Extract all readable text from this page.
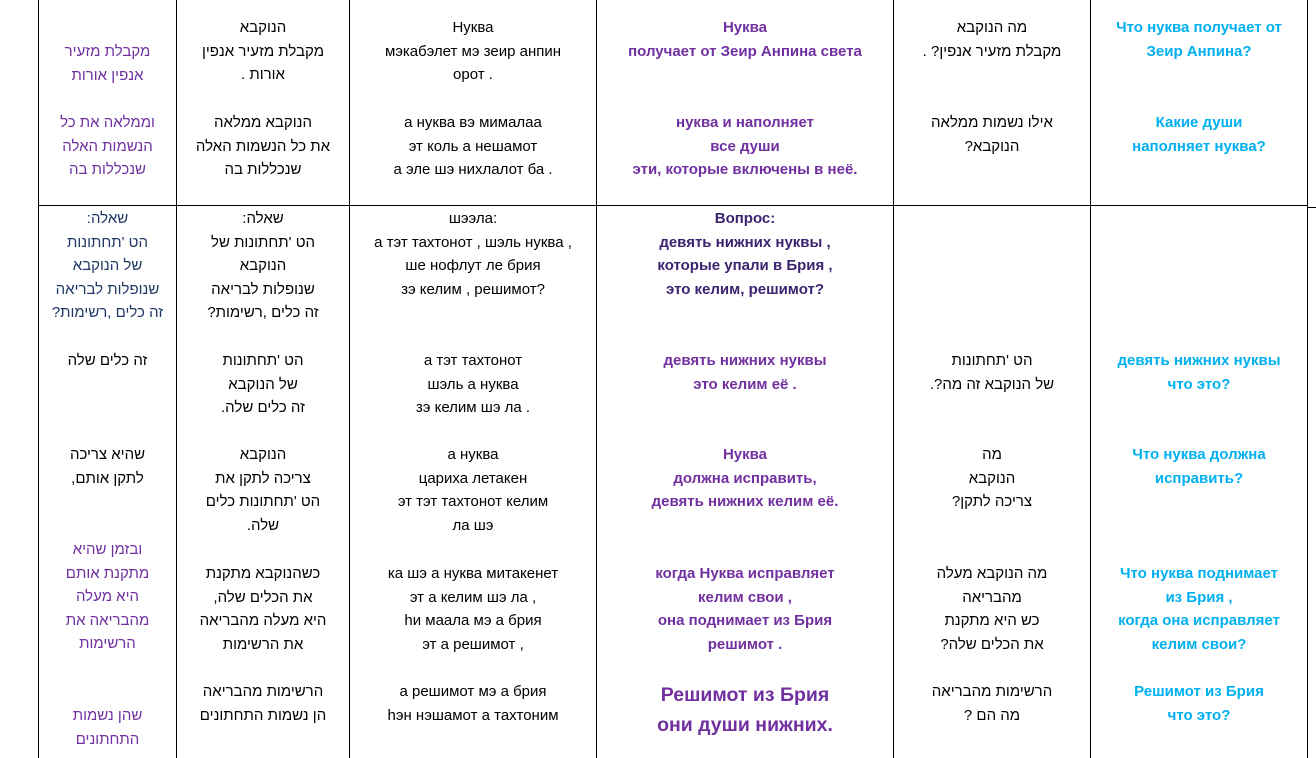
מקבלת מזעיר
אנפין אורות
וממלאה את כל
הנשמות האלה
שנכללות בה
הנוקבא
מקבלת מזעיר אנפין
אורות .
הנוקבא ממלאה
את כל הנשמות האלה
שנכללות בה
Нуква
мэкабэлет мэ зеир анпин
орот .
а нуква вэ мималаа
эт коль а нешамот
а эле шэ нихлалот ба .
Нуква
получает от Зеир Анпина света
нуква и наполняет
все души
эти, которые включены в неё.
מה הנוקבא
מקבלת מזעיר אנפין? .
אילו נשמות ממלאה
הנוקבא?
Что нуква получает от
Зеир Анпина?
Какие души
наполняет нуква?
שאלה:
הט 'תחתונות
של הנוקבא
שנופלות לבריאה
זה כלים ,רשימות?
זה כלים שלה
שהיא צריכה
לתקן אותם,
ובזמן שהיא
מתקנת אותם
היא מעלה
מהבריאה את
הרשימות
שהן נשמות
התחתונים
שאלה:
הט 'תחתונות של
הנוקבא
שנופלות לבריאה
זה כלים ,רשימות?
הט 'תחתונות
של הנוקבא
זה כלים שלה.
הנוקבא
צריכה לתקן את
הט 'תחתונות כלים
שלה.
כשהנוקבא מתקנת
את הכלים שלה,
היא מעלה מהבריאה
את הרשימות
הרשימות מהבריאה
הן נשמות התחתונים
шээла:
а тэт тахтонот , шэль нуква ,
ше нофлут ле брия
зэ келим , решимот?
а тэт тахтонот
шэль а нуква
зэ келим шэ ла .
а нуква
цариха летакен
эт тэт тахтонот келим
ла шэ
ка шэ а нуква митакенет
эт а келим шэ ла ,
hи маала мэ а брия
эт а решимот ,
а решимот мэ а брия
hэн нэшамот а тахтоним
Вопрос:
девять нижних нуквы ,
которые упали в Брия ,
это келим, решимот?
девять нижних нуквы
это келим её .
Нуква
должна исправить,
девять нижних келим её.
когда Нуква исправляет
келим свои ,
она поднимает из Брия
решимот .
Решимот из Брия
они души нижних.
הט 'תחתונות
של הנוקבא זה מה?.
מה
הנוקבא
צריכה לתקן?
מה הנוקבא מעלה
מהבריאה
כש היא מתקנת
את הכלים שלה?
הרשימות מהבריאה
מה הם ?
девять нижних нуквы
что это?
Что нуква должна
исправить?
Что нуква поднимает
из Брия ,
когда она исправляет
келим свои?
Решимот из Брия
что это?
